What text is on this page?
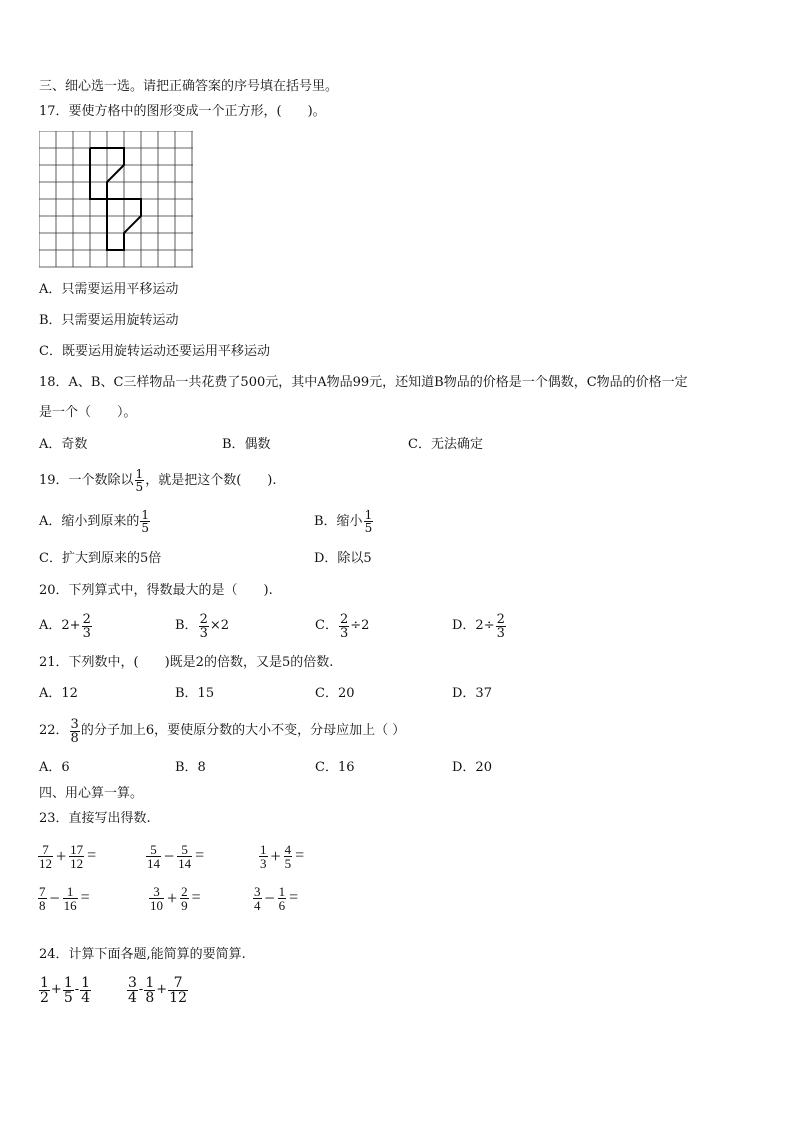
三、细心选一选。请把正确答案的序号填在括号里。
17．要使方格中的图形变成一个正方形，(　　)。
A．只需要运用平移运动
B．只需要运用旋转运动
C．既要运用旋转运动还要运用平移运动
18．A、B、C三样物品一共花费了500元，其中A物品99元，还知道B物品的价格是一个偶数，C物品的价格一定
是一个（　　）。
A．奇数	B．偶数	C．无法确定
19．一个数除以 $\frac{1}{5}$ ，就是把这个数(　　).
A．缩小到原来的 $\frac{1}{5}$	B．缩小 $\frac{1}{5}$
C．扩大到原来的5倍	D．除以5
20．下列算式中，得数最大的是（　　).
A．$2+ \frac{2}{3}$	B． $\frac{2}{3} \times 2$	C． $\frac{2}{3} \div 2$	D．$2\div \frac{2}{3}$
21．下列数中，(　　)既是2的倍数，又是5的倍数.
A．12	B．15	C．20	D．37
22． $\frac{3}{8}$ 的分子加上6，要使原分数的大小不变，分母应加上（ ）
A．6	B．8	C．16	D．20
四、用心算一算。
23．直接写出得数.
$\frac{7}{12} + \frac{17}{12}$ =	$\frac{5}{14} - \frac{5}{14}$ =	$\frac{1}{3} + \frac{4}{5}$ =
$\frac{7}{8} - \frac{1}{16}$ =	$\frac{3}{10} + \frac{2}{9}$ =	$\frac{3}{4} - \frac{1}{6}$ =
24．计算下面各题,能简算的要简算.
$\frac{1}{2} + \frac{1}{5} - \frac{1}{4}$	$\frac{3}{4} - \frac{1}{8} + \frac{7}{12}$
